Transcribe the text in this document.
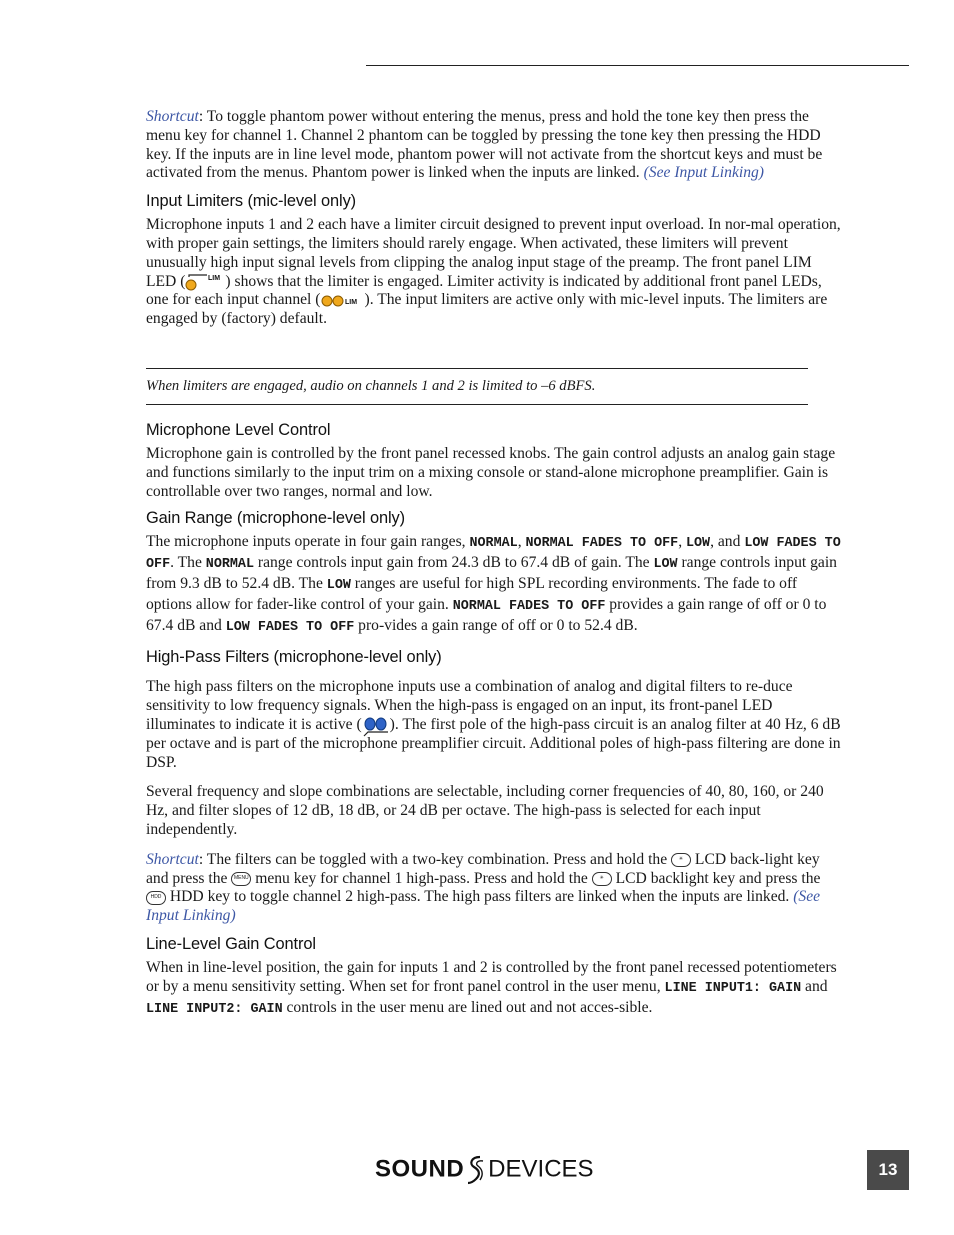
Shortcut: To toggle phantom power without entering the menus, press and hold the tone key then press the menu key for channel 1. Channel 2 phantom can be toggled by pressing the tone key then pressing the HDD key. If the inputs are in line level mode, phantom power will not activate from the shortcut keys and must be activated from the menus. Phantom power is linked when the inputs are linked. (See Input Linking)

Input Limiters (mic-level only)

Microphone inputs 1 and 2 each have a limiter circuit designed to prevent input overload. In nor-mal operation, with proper gain settings, the limiters should rarely engage. When activated, these limiters will prevent unusually high input signal levels from clipping the analog input stage of the preamp. The front panel LIM LED (	LIM ) shows that the limiter is engaged. Limiter activity is indicated by additional front panel LEDs, one for each input channel (	LIM ). The input limiters are active only with mic-level inputs. The limiters are engaged by (factory) default.

Microphone Level Control

Microphone gain is controlled by the front panel recessed knobs. The gain control adjusts an analog gain stage and functions similarly to the input trim on a mixing console or stand-alone microphone preamplifier. Gain is controllable over two ranges, normal and low.

Gain Range (microphone-level only)

The microphone inputs operate in four gain ranges, NORMAL, NORMAL FADES TO OFF, LOW, and LOW FADES TO OFF. The NORMAL range controls input gain from 24.3 dB to 67.4 dB of gain. The LOW range controls input gain from 9.3 dB to 52.4 dB. The LOW ranges are useful for high SPL recording environments. The fade to off options allow for fader-like control of your gain. NORMAL FADES TO OFF provides a gain range of off or 0 to 67.4 dB and LOW FADES TO OFF pro-vides a gain range of off or 0 to 52.4 dB.

High-Pass Filters (microphone-level only)

The high pass filters on the microphone inputs use a combination of analog and digital filters to re-duce sensitivity to low frequency signals. When the high-pass is engaged on an input, its front-panel LED illuminates to indicate it is active ( ). The first pole of the high-pass circuit is an analog filter at 40 Hz, 6 dB per octave and is part of the microphone preamplifier circuit. Additional poles of high-pass filtering are done in DSP.

Several frequency and slope combinations are selectable, including corner frequencies of 40, 80, 160, or 240 Hz, and filter slopes of 12 dB, 18 dB, or 24 dB per octave. The high-pass is selected for each input independently.

Shortcut: The filters can be toggled with a two-key combination. Press and hold the	✳ LCD back-light key and press the MENU menu key for channel 1 high-pass. Press and hold the	✳ LCD backlight key and press the
HDD HDD key to toggle channel 2 high-pass. The high pass filters are linked when the inputs are linked. (See Input Linking)

Line-Level Gain Control

When in line-level position, the gain for inputs 1 and 2 is controlled by the front panel recessed potentiometers or by a menu sensitivity setting. When set for front panel control in the user menu, LINE INPUT1: GAIN and LINE INPUT2: GAIN controls in the user menu are lined out and not acces-sible.

When limiters are engaged, audio on channels 1 and 2 is limited to –6 dBFS.

SOUND DEVICES	13
